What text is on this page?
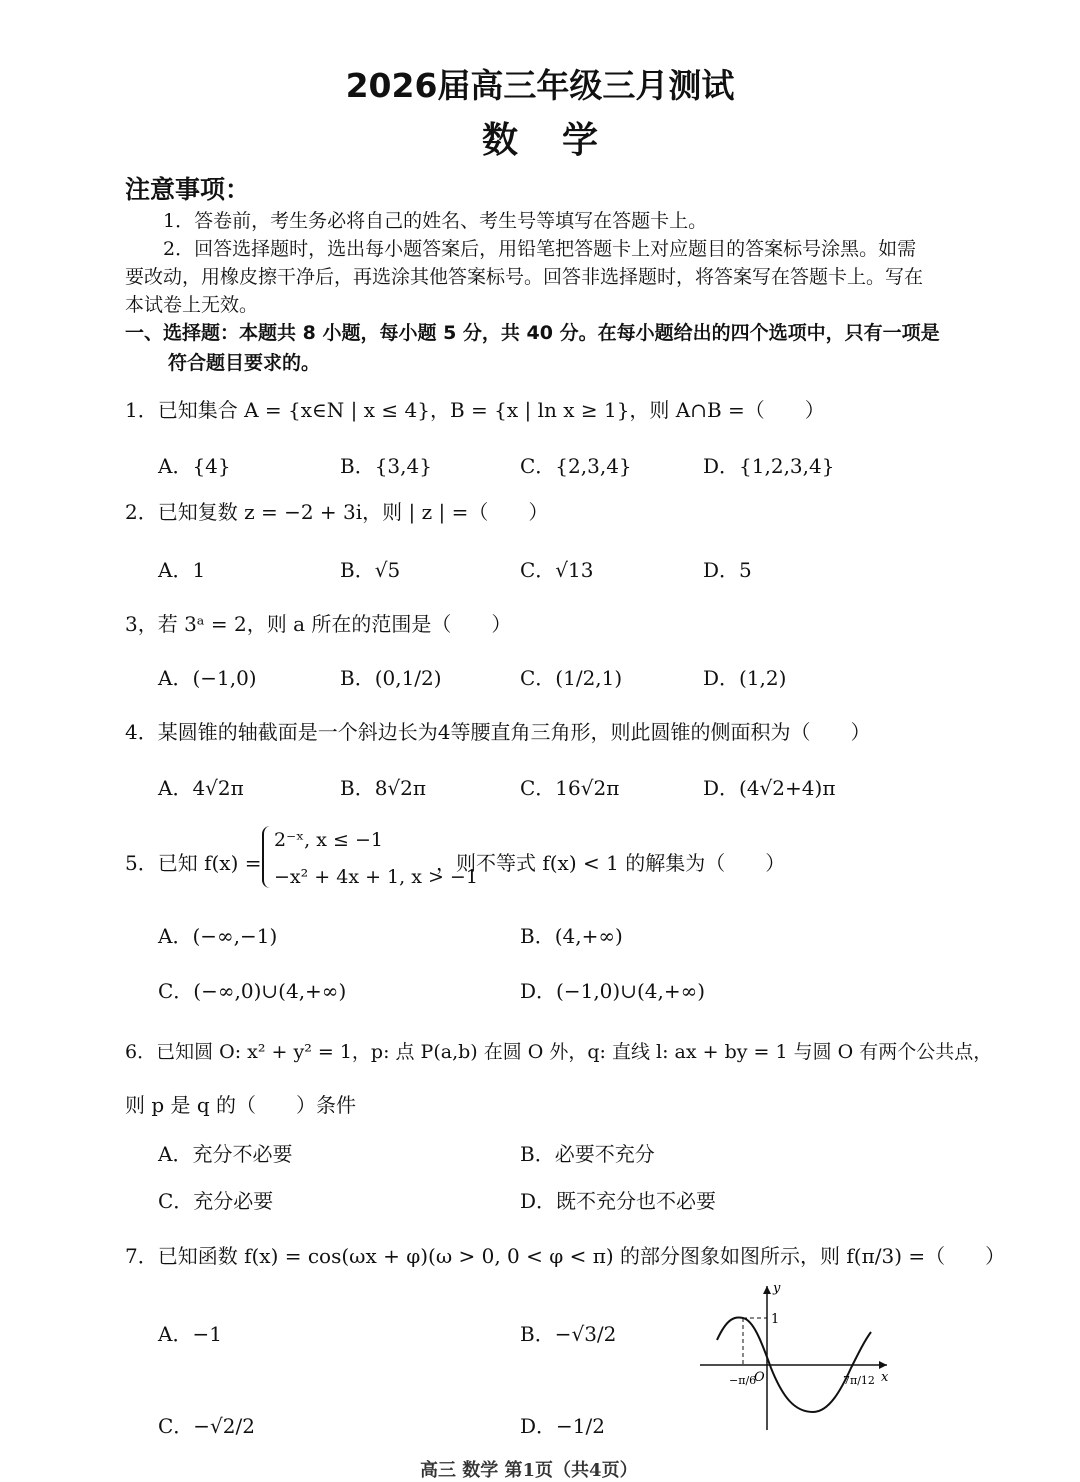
2026届高三年级三月测试
数学
注意事项：
1．答卷前，考生务必将自己的姓名、考生号等填写在答题卡上。
2．回答选择题时，选出每小题答案后，用铅笔把答题卡上对应题目的答案标号涂黑。如需
要改动，用橡皮擦干净后，再选涂其他答案标号。回答非选择题时，将答案写在答题卡上。写在
本试卷上无效。
一、选择题：本题共 8 小题，每小题 5 分，共 40 分。在每小题给出的四个选项中，只有一项是
符合题目要求的。
1．已知集合 A = {x∈N | x ≤ 4}，B = {x | ln x ≥ 1}，则 A∩B =（　　）
A．{4}	B．{3,4}	C．{2,3,4}	D．{1,2,3,4}
2．已知复数 z = −2 + 3i，则 | z | =（　　）
A．1	B．√5	C．√13	D．5
3，若 3ᵃ = 2，则 a 所在的范围是（　　）
A．(−1,0)	B．(0,1/2)	C．(1/2,1)	D．(1,2)
4．某圆锥的轴截面是一个斜边长为4等腰直角三角形，则此圆锥的侧面积为（　　）
A．4√2π	B．8√2π	C．16√2π	D．(4√2+4)π
5．已知 f(x) =
2⁻ˣ, x ≤ −1
−x² + 4x + 1, x > −1
，则不等式 f(x) < 1 的解集为（　　）
A．(−∞,−1)	B．(4,+∞)
C．(−∞,0)∪(4,+∞)	D．(−1,0)∪(4,+∞)
6．已知圆 O: x² + y² = 1，p: 点 P(a,b) 在圆 O 外，q: 直线 l: ax + by = 1 与圆 O 有两个公共点，
则 p 是 q 的（　　）条件
A．充分不必要	B．必要不充分
C．充分必要	D．既不充分也不必要
7．已知函数 f(x) = cos(ωx + φ)(ω > 0, 0 < φ < π) 的部分图象如图所示，则 f(π/3) =（　　）
A．−1	B．−√3/2
C．−√2/2	D．−1/2
y
x
O
1
−π/6	7π/12
高三 数学 第1页（共4页）
